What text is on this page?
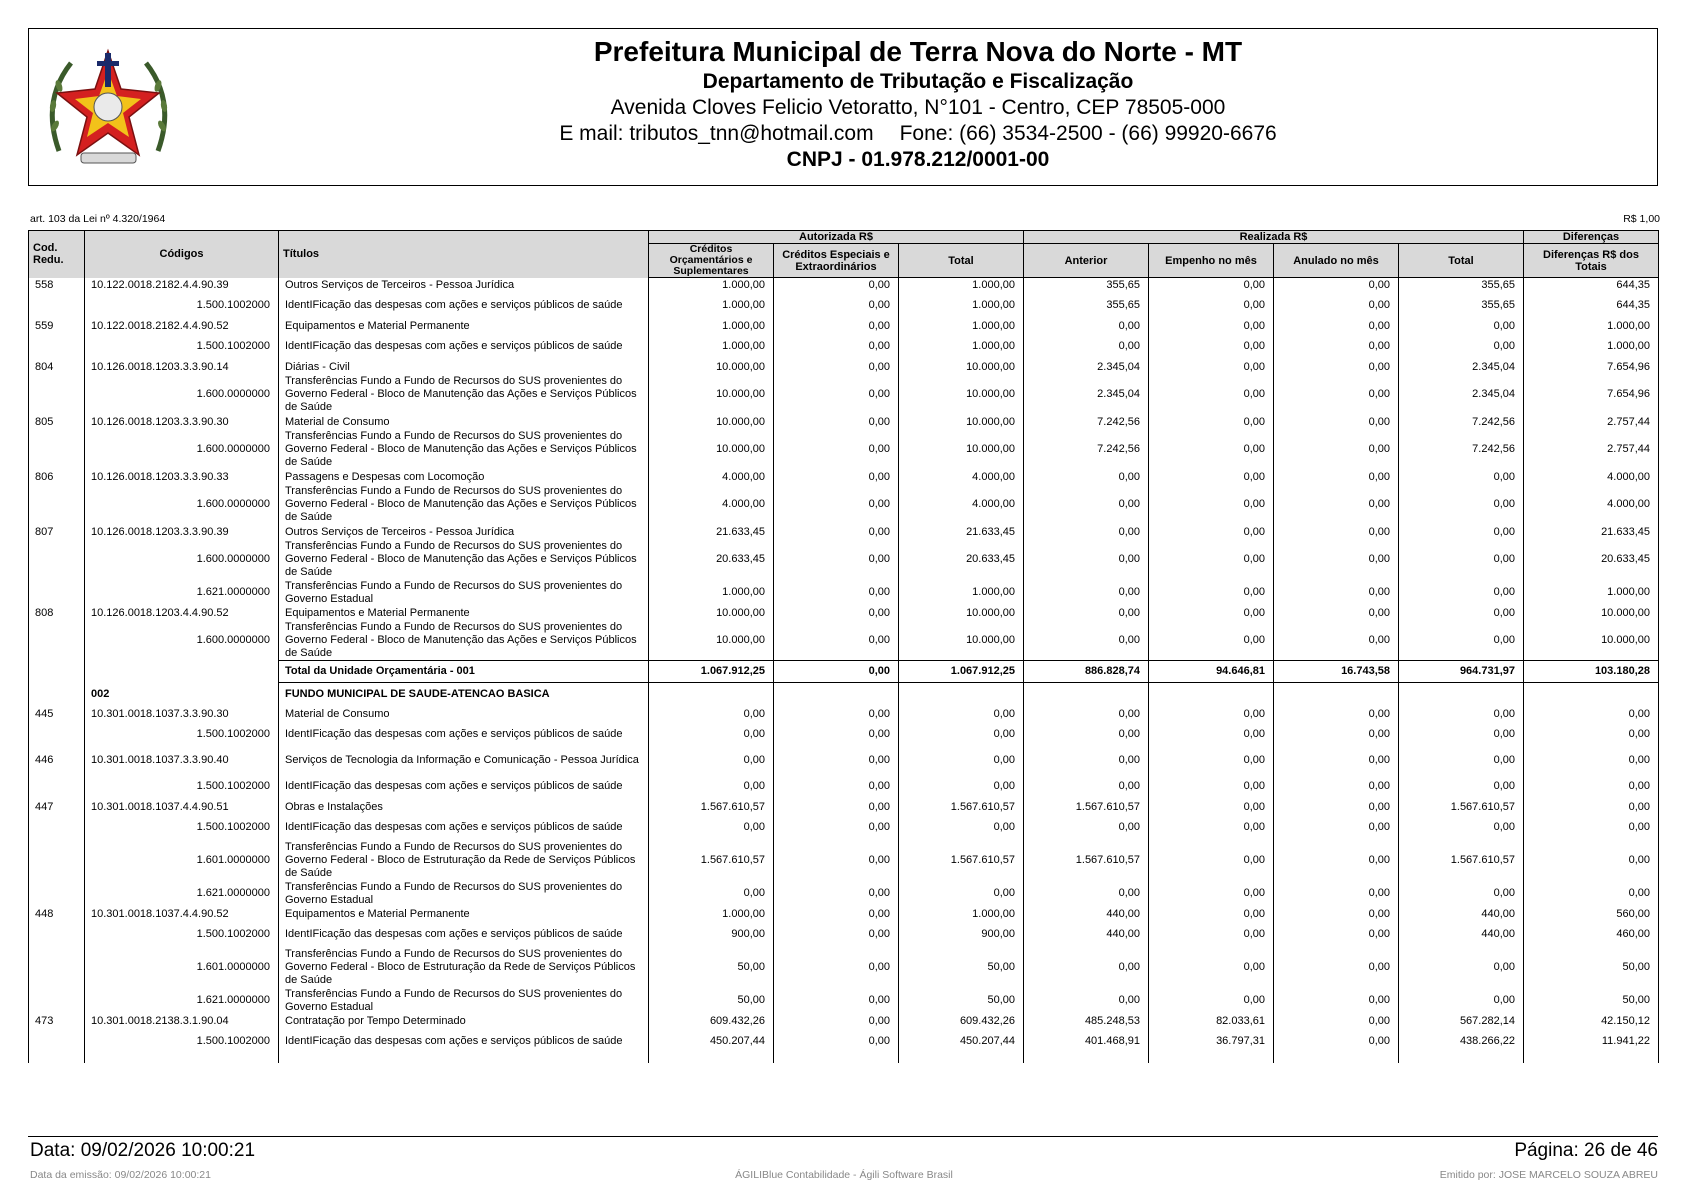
Prefeitura Municipal de Terra Nova do Norte - MT
Departamento de Tributação e Fiscalização
Avenida Cloves Felicio Vetoratto, N°101 - Centro, CEP 78505-000
E mail: tributos_tnn@hotmail.com Fone: (66) 3534-2500 - (66) 99920-6676
CNPJ - 01.978.212/0001-00
art. 103 da Lei nº 4.320/1964	R$ 1,00
Cod. Redu.	Códigos	Títulos	Autorizada R$			Realizada R$				Diferenças
			Créditos Orçamentários e Suplementares	Créditos Especiais e Extraordinários	Total	Anterior	Empenho no mês	Anulado no mês	Total	Diferenças R$ dos Totais
558	10.122.0018.2182.4.4.90.39	Outros Serviços de Terceiros - Pessoa Jurídica	1.000,00	0,00	1.000,00	355,65	0,00	0,00	355,65	644,35
	1.500.1002000	IdentIFicação das despesas com ações e serviços públicos de saúde	1.000,00	0,00	1.000,00	355,65	0,00	0,00	355,65	644,35
559	10.122.0018.2182.4.4.90.52	Equipamentos e Material Permanente	1.000,00	0,00	1.000,00	0,00	0,00	0,00	0,00	1.000,00
	1.500.1002000	IdentIFicação das despesas com ações e serviços públicos de saúde	1.000,00	0,00	1.000,00	0,00	0,00	0,00	0,00	1.000,00
804	10.126.0018.1203.3.3.90.14	Diárias - Civil	10.000,00	0,00	10.000,00	2.345,04	0,00	0,00	2.345,04	7.654,96
	1.600.0000000	Transferências Fundo a Fundo de Recursos do SUS provenientes do Governo Federal - Bloco de Manutenção das Ações e Serviços Públicos de Saúde	10.000,00	0,00	10.000,00	2.345,04	0,00	0,00	2.345,04	7.654,96
805	10.126.0018.1203.3.3.90.30	Material de Consumo	10.000,00	0,00	10.000,00	7.242,56	0,00	0,00	7.242,56	2.757,44
	1.600.0000000	Transferências Fundo a Fundo de Recursos do SUS provenientes do Governo Federal - Bloco de Manutenção das Ações e Serviços Públicos de Saúde	10.000,00	0,00	10.000,00	7.242,56	0,00	0,00	7.242,56	2.757,44
806	10.126.0018.1203.3.3.90.33	Passagens e Despesas com Locomoção	4.000,00	0,00	4.000,00	0,00	0,00	0,00	0,00	4.000,00
	1.600.0000000	Transferências Fundo a Fundo de Recursos do SUS provenientes do Governo Federal - Bloco de Manutenção das Ações e Serviços Públicos de Saúde	4.000,00	0,00	4.000,00	0,00	0,00	0,00	0,00	4.000,00
807	10.126.0018.1203.3.3.90.39	Outros Serviços de Terceiros - Pessoa Jurídica	21.633,45	0,00	21.633,45	0,00	0,00	0,00	0,00	21.633,45
	1.600.0000000	Transferências Fundo a Fundo de Recursos do SUS provenientes do Governo Federal - Bloco de Manutenção das Ações e Serviços Públicos de Saúde	20.633,45	0,00	20.633,45	0,00	0,00	0,00	0,00	20.633,45
	1.621.0000000	Transferências Fundo a Fundo de Recursos do SUS provenientes do Governo Estadual	1.000,00	0,00	1.000,00	0,00	0,00	0,00	0,00	1.000,00
808	10.126.0018.1203.4.4.90.52	Equipamentos e Material Permanente	10.000,00	0,00	10.000,00	0,00	0,00	0,00	0,00	10.000,00
	1.600.0000000	Transferências Fundo a Fundo de Recursos do SUS provenientes do Governo Federal - Bloco de Manutenção das Ações e Serviços Públicos de Saúde	10.000,00	0,00	10.000,00	0,00	0,00	0,00	0,00	10.000,00
		Total da Unidade Orçamentária - 001	1.067.912,25	0,00	1.067.912,25	886.828,74	94.646,81	16.743,58	964.731,97	103.180,28
	002	FUNDO MUNICIPAL DE SAUDE-ATENCAO BASICA								
445	10.301.0018.1037.3.3.90.30	Material de Consumo	0,00	0,00	0,00	0,00	0,00	0,00	0,00	0,00
	1.500.1002000	IdentIFicação das despesas com ações e serviços públicos de saúde	0,00	0,00	0,00	0,00	0,00	0,00	0,00	0,00
446	10.301.0018.1037.3.3.90.40	Serviços de Tecnologia da Informação e Comunicação - Pessoa Jurídica	0,00	0,00	0,00	0,00	0,00	0,00	0,00	0,00
	1.500.1002000	IdentIFicação das despesas com ações e serviços públicos de saúde	0,00	0,00	0,00	0,00	0,00	0,00	0,00	0,00
447	10.301.0018.1037.4.4.90.51	Obras e Instalações	1.567.610,57	0,00	1.567.610,57	1.567.610,57	0,00	0,00	1.567.610,57	0,00
	1.500.1002000	IdentIFicação das despesas com ações e serviços públicos de saúde	0,00	0,00	0,00	0,00	0,00	0,00	0,00	0,00
	1.601.0000000	Transferências Fundo a Fundo de Recursos do SUS provenientes do Governo Federal - Bloco de Estruturação da Rede de Serviços Públicos de Saúde	1.567.610,57	0,00	1.567.610,57	1.567.610,57	0,00	0,00	1.567.610,57	0,00
	1.621.0000000	Transferências Fundo a Fundo de Recursos do SUS provenientes do Governo Estadual	0,00	0,00	0,00	0,00	0,00	0,00	0,00	0,00
448	10.301.0018.1037.4.4.90.52	Equipamentos e Material Permanente	1.000,00	0,00	1.000,00	440,00	0,00	0,00	440,00	560,00
	1.500.1002000	IdentIFicação das despesas com ações e serviços públicos de saúde	900,00	0,00	900,00	440,00	0,00	0,00	440,00	460,00
	1.601.0000000	Transferências Fundo a Fundo de Recursos do SUS provenientes do Governo Federal - Bloco de Estruturação da Rede de Serviços Públicos de Saúde	50,00	0,00	50,00	0,00	0,00	0,00	0,00	50,00
	1.621.0000000	Transferências Fundo a Fundo de Recursos do SUS provenientes do Governo Estadual	50,00	0,00	50,00	0,00	0,00	0,00	0,00	50,00
473	10.301.0018.2138.3.1.90.04	Contratação por Tempo Determinado	609.432,26	0,00	609.432,26	485.248,53	82.033,61	0,00	567.282,14	42.150,12
	1.500.1002000	IdentIFicação das despesas com ações e serviços públicos de saúde	450.207,44	0,00	450.207,44	401.468,91	36.797,31	0,00	438.266,22	11.941,22

Data: 09/02/2026 10:00:21	Página: 26 de 46
Data da emissão: 09/02/2026 10:00:21	ÁGILIBlue Contabilidade - Ágili Software Brasil	Emitido por: JOSE MARCELO SOUZA ABREU
